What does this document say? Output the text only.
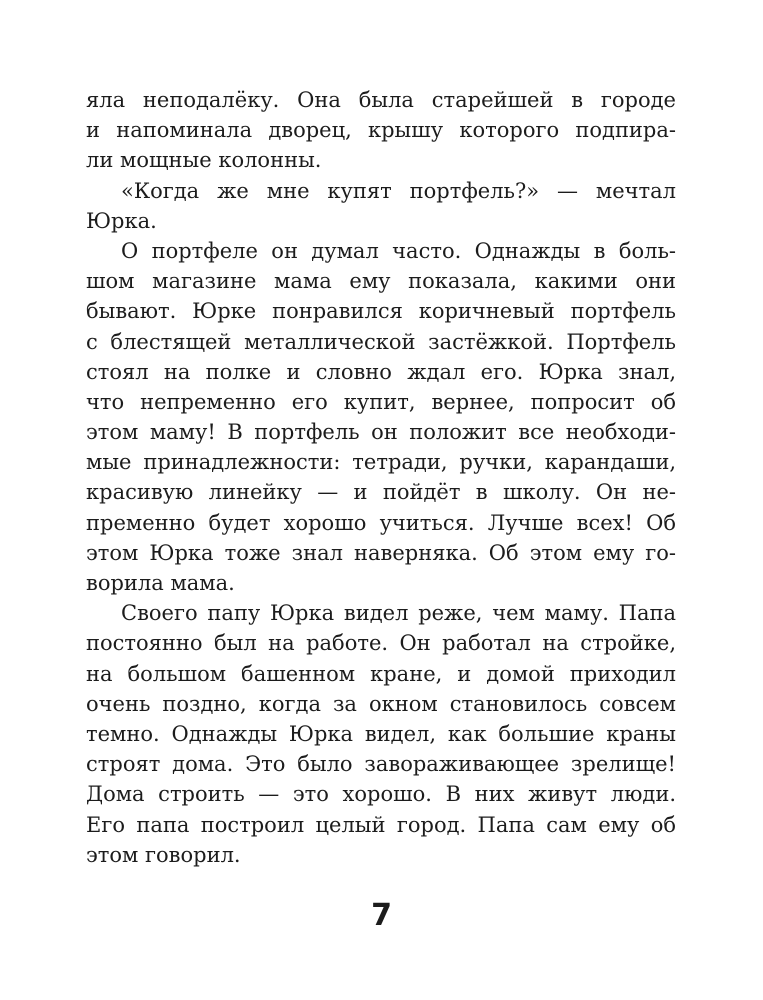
яла неподалёку. Она была старейшей в городе
и напоминала дворец, крышу которого подпира-
ли мощные колонны.
«Когда же мне купят портфель?» — мечтал
Юрка.
О портфеле он думал часто. Однажды в боль-
шом магазине мама ему показала, какими они
бывают. Юрке понравился коричневый портфель
с блестящей металлической застёжкой. Портфель
стоял на полке и словно ждал его. Юрка знал,
что непременно его купит, вернее, попросит об
этом маму! В портфель он положит все необходи-
мые принадлежности: тетради, ручки, карандаши,
красивую линейку — и пойдёт в школу. Он не-
пременно будет хорошо учиться. Лучше всех! Об
этом Юрка тоже знал наверняка. Об этом ему го-
ворила мама.
Своего папу Юрка видел реже, чем маму. Папа
постоянно был на работе. Он работал на стройке,
на большом башенном кране, и домой приходил
очень поздно, когда за окном становилось совсем
темно. Однажды Юрка видел, как большие краны
строят дома. Это было завораживающее зрелище!
Дома строить — это хорошо. В них живут люди.
Его папа построил целый город. Папа сам ему об
этом говорил.
7
